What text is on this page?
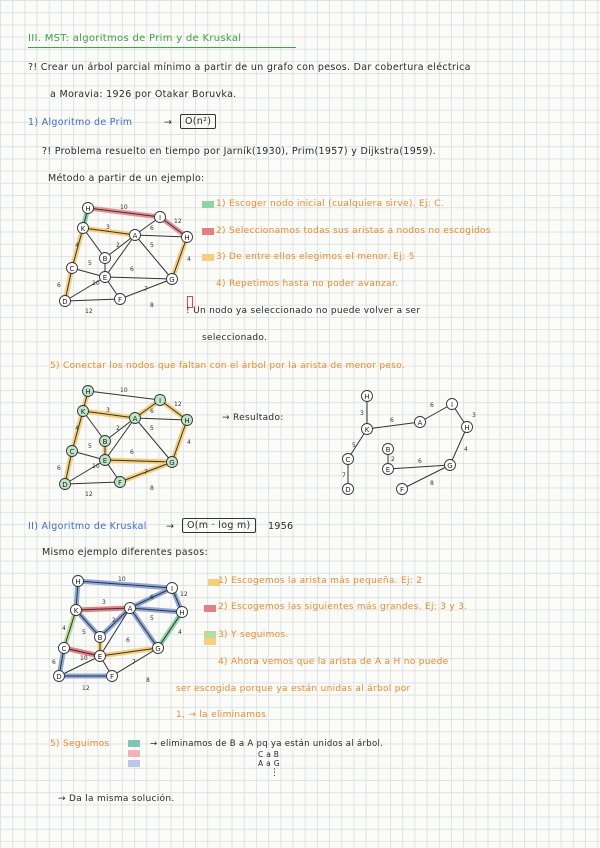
III. MST: algoritmos de Prim y de Kruskal
?! Crear un árbol parcial mínimo a partir de un grafo con pesos. Dar cobertura eléctrica
a Moravia: 1926 por Otakar Boruvka.
1) Algoritmo de Prim	→	O(n²)
?! Problema resuelto en tiempo por Jarník(1930), Prim(1957) y Dijkstra(1959).
Método a partir de un ejemplo:
1) Escoger nodo inicial (cualquiera sirve). Ej: C.
2) Seleccionamos todas sus aristas a nodos no escogidos
3) De entre ellos elegimos el menor. Ej: 5
4) Repetimos hasta no poder avanzar.
! Un nodo ya seleccionado no puede volver a ser
seleccionado.
5) Conectar los nodos que faltan con el árbol por la arista de menor peso.
10
12
3	6
2	5
4
5
6
4
10
7
6
12
8
H
K
I
A	H
B
C
E	G
D	F
10
12
3	6
2	5
4
5
6
4
10
7
6
12
8
H
K
I
A	H
B
C
E	G
D	F
→ Resultado:	3
6
6
3
4
5
2	6
7
8
H
K
A
I
H
B
C
E	G
D	F
II) Algoritmo de Kruskal →	O(m · log m)	1956
Mismo ejemplo diferentes pasos:
10
12
3
6
2	5
4
5
6
4
10
7
6
12
8
H
K
I
A	H
B
C
E
G
D	F
1) Escogemos la arista más pequeña. Ej: 2
2) Escogemos las siguientes más grandes. Ej: 3 y 3.
3) Y seguimos.
4) Ahora vemos que la arista de A a H no puede
ser escogida porque ya están unidas al árbol por
1, → la eliminamos
5) Seguimos	→ eliminamos de B a A pq ya están unidos al árbol.
C a B
A a G
⋮
→ Da la misma solución.
